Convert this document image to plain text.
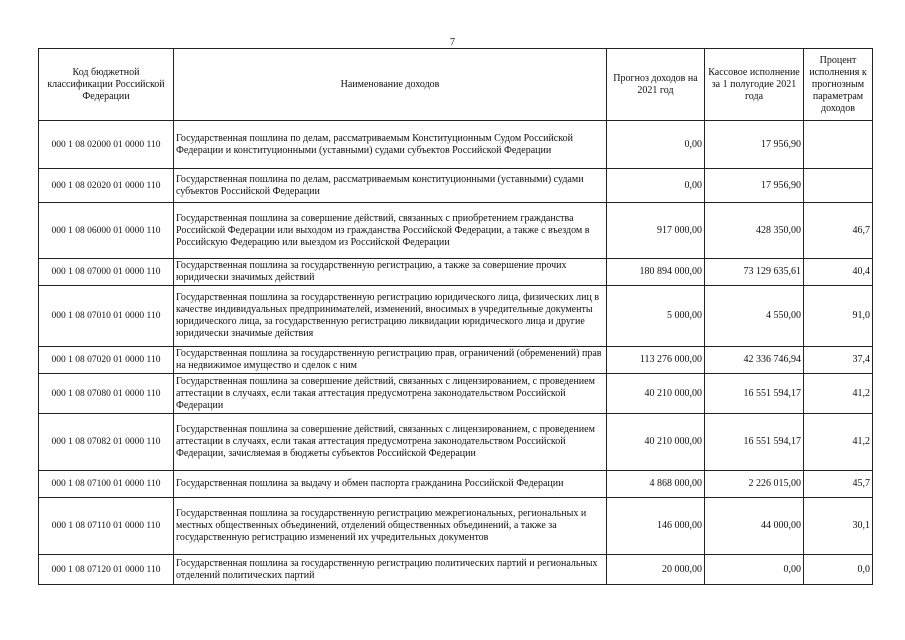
7
Код бюджетной классификации Российской Федерации	Наименование доходов	Прогноз доходов на 2021 год	Кассовое исполнение за 1 полугодие 2021 года	Процент исполнения к прогнозным параметрам доходов
000 1 08 02000 01 0000 110	Государственная пошлина по делам, рассматриваемым Конституционным Судом Российской Федерации и конституционными (уставными) судами субъектов Российской Федерации	0,00	17 956,90	
000 1 08 02020 01 0000 110	Государственная пошлина по делам, рассматриваемым конституционными (уставными) судами субъектов Российской Федерации	0,00	17 956,90	
000 1 08 06000 01 0000 110	Государственная пошлина за совершение действий, связанных с приобретением гражданства Российской Федерации или выходом из гражданства Российской Федерации, а также с въездом в Российскую Федерацию или выездом из Российской Федерации	917 000,00	428 350,00	46,7
000 1 08 07000 01 0000 110	Государственная пошлина за государственную регистрацию, а также за совершение прочих юридически значимых действий	180 894 000,00	73 129 635,61	40,4
000 1 08 07010 01 0000 110	Государственная пошлина за государственную регистрацию юридического лица, физических лиц в качестве индивидуальных предпринимателей, изменений, вносимых в учредительные документы юридического лица, за государственную регистрацию ликвидации юридического лица и другие юридически значимые действия	5 000,00	4 550,00	91,0
000 1 08 07020 01 0000 110	Государственная пошлина за государственную регистрацию прав, ограничений (обременений) прав на недвижимое имущество и сделок с ним	113 276 000,00	42 336 746,94	37,4
000 1 08 07080 01 0000 110	Государственная пошлина за совершение действий, связанных с лицензированием, с проведением аттестации в случаях, если такая аттестация предусмотрена законодательством Российской Федерации	40 210 000,00	16 551 594,17	41,2
000 1 08 07082 01 0000 110	Государственная пошлина за совершение действий, связанных с лицензированием, с проведением аттестации в случаях, если такая аттестация предусмотрена законодательством Российской Федерации, зачисляемая в бюджеты субъектов Российской Федерации	40 210 000,00	16 551 594,17	41,2
000 1 08 07100 01 0000 110	Государственная пошлина за выдачу и обмен паспорта гражданина Российской Федерации	4 868 000,00	2 226 015,00	45,7
000 1 08 07110 01 0000 110	Государственная пошлина за государственную регистрацию межрегиональных, региональных и местных общественных объединений, отделений общественных объединений, а также за государственную регистрацию изменений их учредительных документов	146 000,00	44 000,00	30,1
000 1 08 07120 01 0000 110	Государственная пошлина за государственную регистрацию политических партий и региональных отделений политических партий	20 000,00	0,00	0,0
